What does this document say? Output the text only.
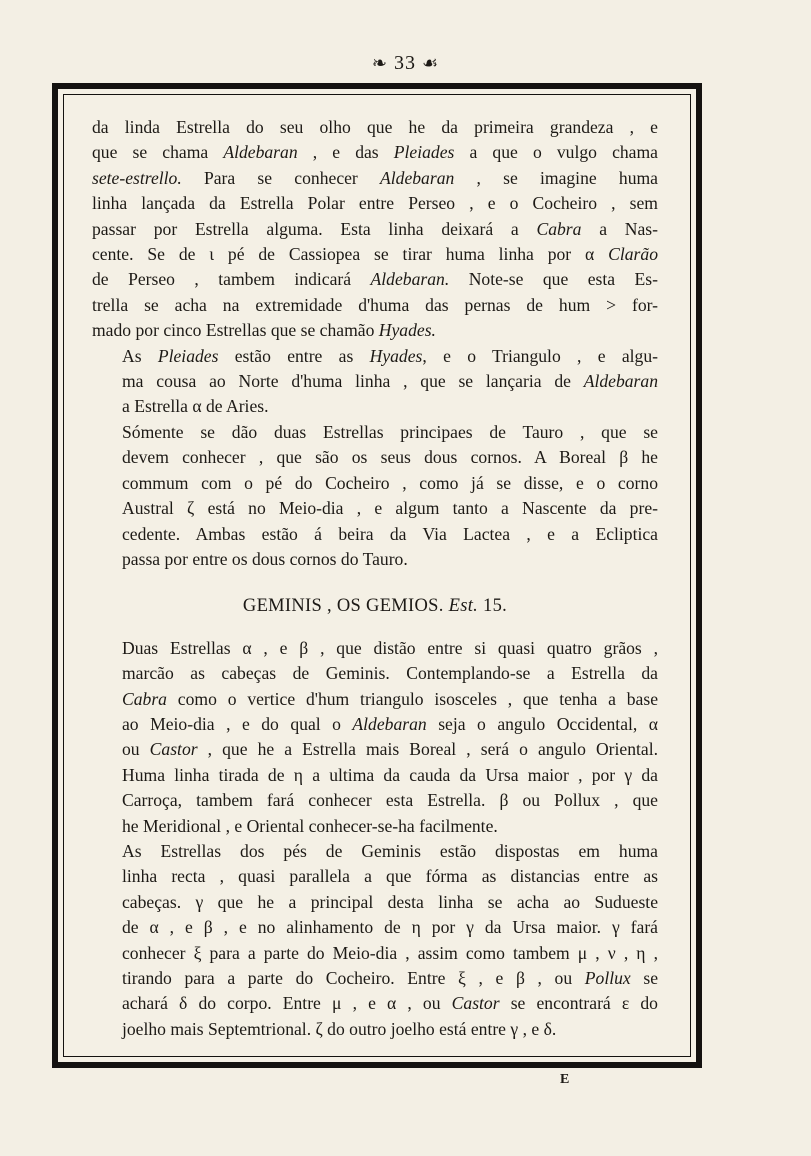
❧ 33 ☙

da linda Estrella do seu olho que he da primeira grandeza , e
que se chama Aldebaran , e das Pleiades a que o vulgo chama
sete-estrello. Para se conhecer Aldebaran , se imagine huma
linha lançada da Estrella Polar entre Perseo , e o Cocheiro , sem
passar por Estrella alguma. Esta linha deixará a Cabra a Nas-
cente. Se de ι pé de Cassiopea se tirar huma linha por α Clarão
de Perseo , tambem indicará Aldebaran. Note-se que esta Es-
trella se acha na extremidade d'huma das pernas de hum > for-
mado por cinco Estrellas que se chamão Hyades.

As Pleiades estão entre as Hyades, e o Triangulo , e algu-
ma cousa ao Norte d'huma linha , que se lançaria de Aldebaran
a Estrella α de Aries.

Sómente se dão duas Estrellas principaes de Tauro , que se
devem conhecer , que são os seus dous cornos. A Boreal β he
commum com o pé do Cocheiro , como já se disse, e o corno
Austral ζ está no Meio-dia , e algum tanto a Nascente da pre-
cedente. Ambas estão á beira da Via Lactea , e a Ecliptica
passa por entre os dous cornos do Tauro.

GEMINIS , OS GEMIOS. Est. 15.

Duas Estrellas α , e β , que distão entre si quasi quatro grãos ,
marcão as cabeças de Geminis. Contemplando-se a Estrella da
Cabra como o vertice d'hum triangulo isosceles , que tenha a base
ao Meio-dia , e do qual o Aldebaran seja o angulo Occidental, α
ou Castor , que he a Estrella mais Boreal , será o angulo Oriental.
Huma linha tirada de η a ultima da cauda da Ursa maior , por γ da
Carroça, tambem fará conhecer esta Estrella. β ou Pollux , que
he Meridional , e Oriental conhecer-se-ha facilmente.

As Estrellas dos pés de Geminis estão dispostas em huma
linha recta , quasi parallela a que fórma as distancias entre as
cabeças. γ que he a principal desta linha se acha ao Sudueste
de α , e β , e no alinhamento de η por γ da Ursa maior. γ fará
conhecer ξ para a parte do Meio-dia , assim como tambem μ , ν , η ,
tirando para a parte do Cocheiro. Entre ξ , e β , ou Pollux se
achará δ do corpo. Entre μ , e α , ou Castor se encontrará ε do
joelho mais Septemtrional. ζ do outro joelho está entre γ , e δ.

E
